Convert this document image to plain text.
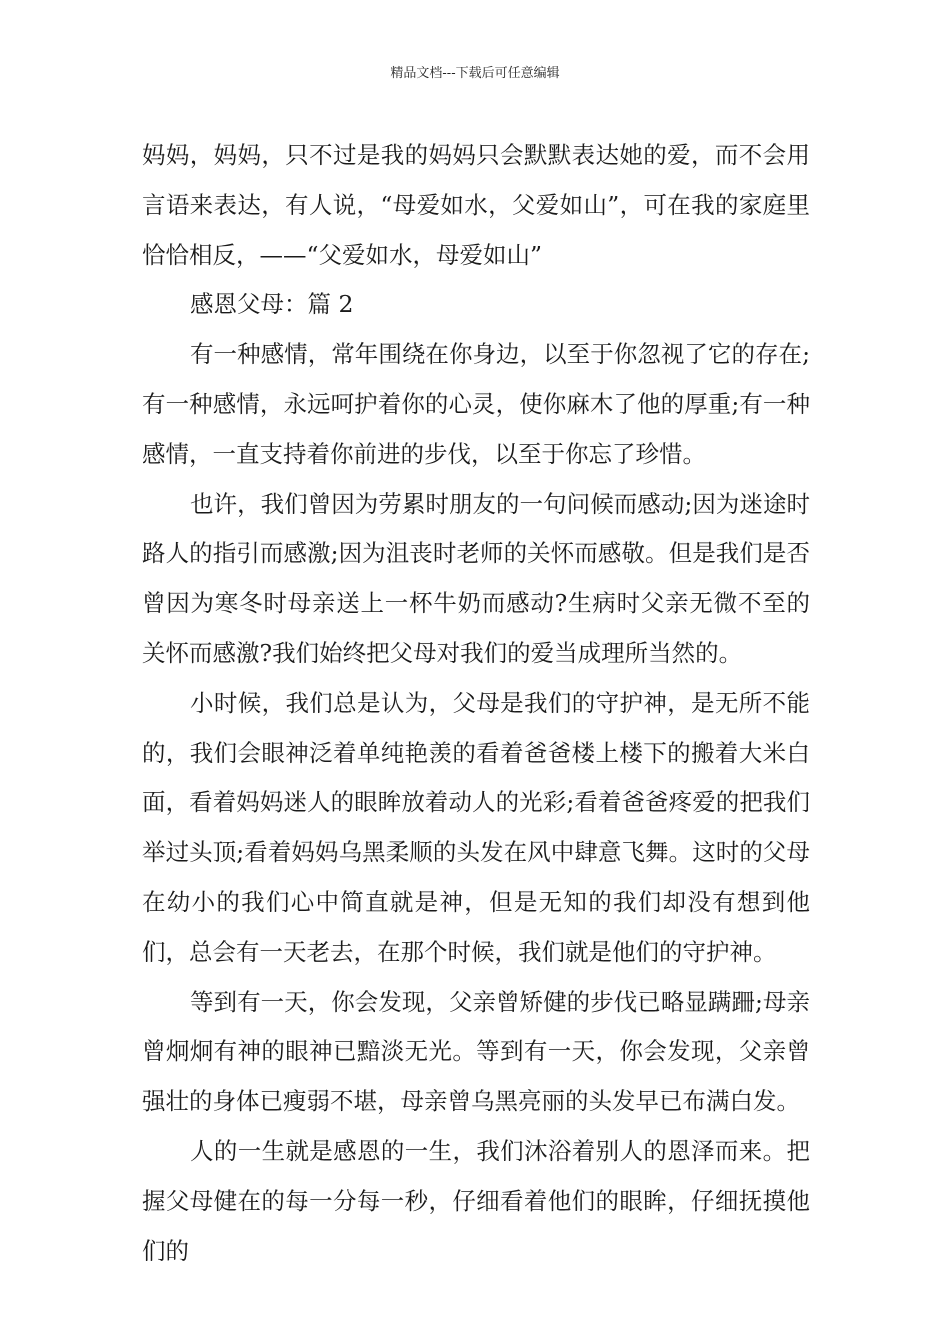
精品文档---下载后可任意编辑

妈妈，妈妈，只不过是我的妈妈只会默默表达她的爱，而不会用言语来表达，有人说，“母爱如水，父爱如山”，可在我的家庭里恰恰相反，——“父爱如水，母爱如山”

感恩父母：篇 2

有一种感情，常年围绕在你身边，以至于你忽视了它的存在;有一种感情，永远呵护着你的心灵，使你麻木了他的厚重;有一种感情，一直支持着你前进的步伐，以至于你忘了珍惜。

也许，我们曾因为劳累时朋友的一句问候而感动;因为迷途时路人的指引而感激;因为沮丧时老师的关怀而感敬。但是我们是否曾因为寒冬时母亲送上一杯牛奶而感动?生病时父亲无微不至的关怀而感激?我们始终把父母对我们的爱当成理所当然的。

小时候，我们总是认为，父母是我们的守护神，是无所不能的，我们会眼神泛着单纯艳羡的看着爸爸楼上楼下的搬着大米白面，看着妈妈迷人的眼眸放着动人的光彩;看着爸爸疼爱的把我们举过头顶;看着妈妈乌黑柔顺的头发在风中肆意飞舞。这时的父母在幼小的我们心中简直就是神，但是无知的我们却没有想到他们，总会有一天老去，在那个时候，我们就是他们的守护神。

等到有一天，你会发现，父亲曾矫健的步伐已略显蹒跚;母亲曾炯炯有神的眼神已黯淡无光。等到有一天，你会发现，父亲曾强壮的身体已瘦弱不堪，母亲曾乌黑亮丽的头发早已布满白发。

人的一生就是感恩的一生，我们沐浴着别人的恩泽而来。把握父母健在的每一分每一秒，仔细看着他们的眼眸，仔细抚摸他们的
